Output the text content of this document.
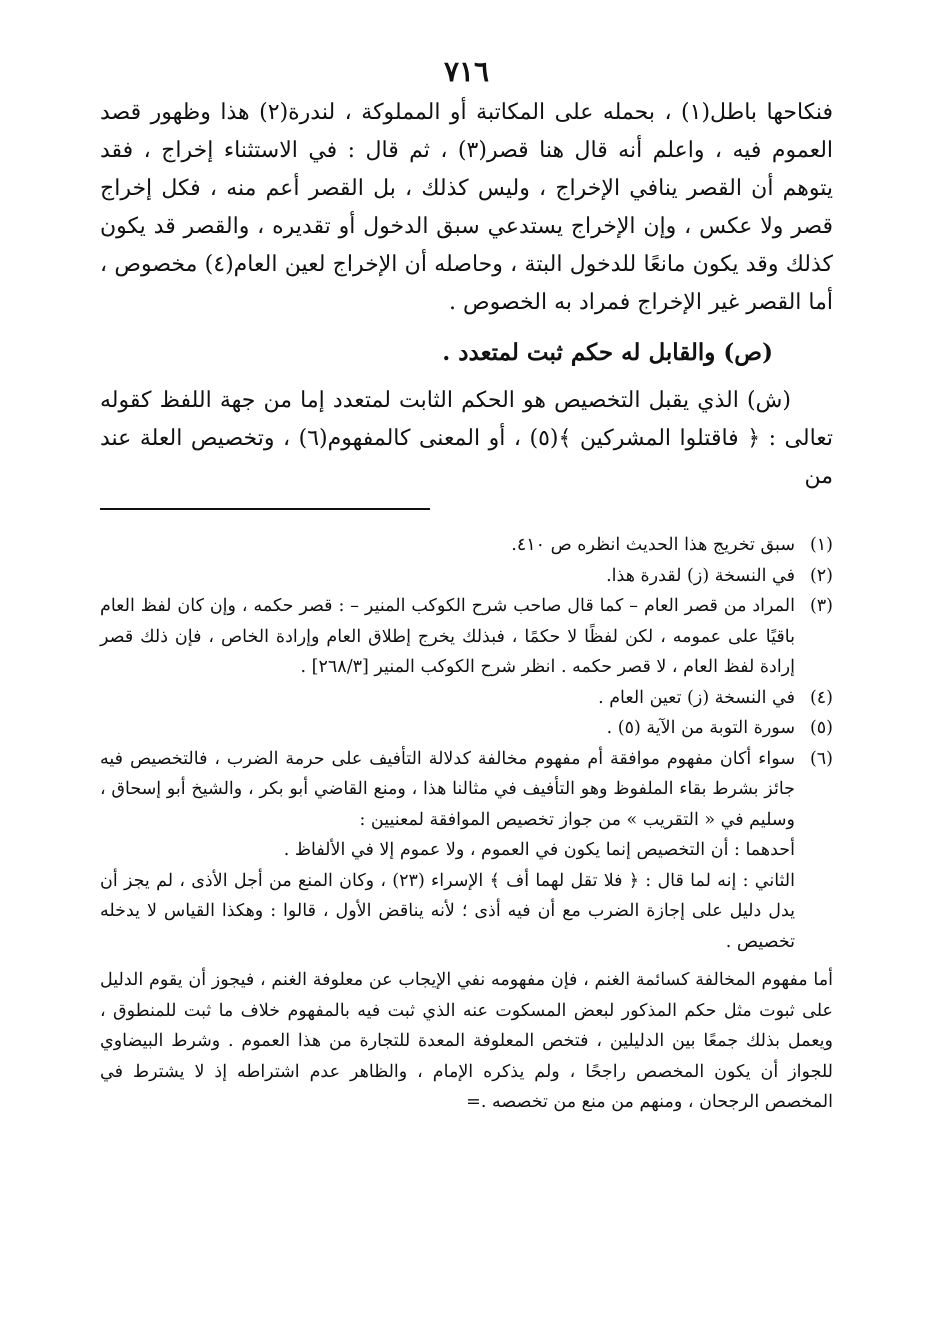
٧١٦

فنكاحها باطل(١) ، بحمله على المكاتبة أو المملوكة ، لندرة(٢) هذا وظهور قصد العموم فيه ، واعلم أنه قال هنا قصر(٣) ، ثم قال : في الاستثناء إخراج ، فقد يتوهم أن القصر ينافي الإخراج ، وليس كذلك ، بل القصر أعم منه ، فكل إخراج قصر ولا عكس ، وإن الإخراج يستدعي سبق الدخول أو تقديره ، والقصر قد يكون كذلك وقد يكون مانعًا للدخول البتة ، وحاصله أن الإخراج لعين العام(٤) مخصوص ، أما القصر غير الإخراج فمراد به الخصوص .

(ص) والقابل له حكم ثبت لمتعدد .

(ش) الذي يقبل التخصيص هو الحكم الثابت لمتعدد إما من جهة اللفظ كقوله تعالى : ﴿ فاقتلوا المشركين ﴾(٥) ، أو المعنى كالمفهوم(٦) ، وتخصيص العلة عند من

(١)

سبق تخريج هذا الحديث انظره ص ٤١٠.

(٢)

في النسخة (ز) لقدرة هذا.

(٣)

المراد من قصر العام – كما قال صاحب شرح الكوكب المنير – : قصر حكمه ، وإن كان لفظ العام باقيًا على عمومه ، لكن لفظًا لا حكمًا ، فبذلك يخرج إطلاق العام وإرادة الخاص ، فإن ذلك قصر إرادة لفظ العام ، لا قصر حكمه . انظر شرح الكوكب المنير [٢٦٨/٣] .

(٤)

في النسخة (ز) تعين العام .

(٥)

سورة التوبة من الآية (٥) .

(٦)

سواء أكان مفهوم موافقة أم مفهوم مخالفة كدلالة التأفيف على حرمة الضرب ، فالتخصيص فيه جائز بشرط بقاء الملفوظ وهو التأفيف في مثالنا هذا ، ومنع القاضي أبو بكر ، والشيخ أبو إسحاق ، وسليم في « التقريب » من جواز تخصيص الموافقة لمعنيين :

أحدهما : أن التخصيص إنما يكون في العموم ، ولا عموم إلا في الألفاظ .

الثاني : إنه لما قال : ﴿ فلا تقل لهما أف ﴾ الإسراء (٢٣) ، وكان المنع من أجل الأذى ، لم يجز أن يدل دليل على إجازة الضرب مع أن فيه أذى ؛ لأنه يناقض الأول ، قالوا : وهكذا القياس لا يدخله تخصيص .

أما مفهوم المخالفة كسائمة الغنم ، فإن مفهومه نفي الإيجاب عن معلوفة الغنم ، فيجوز أن يقوم الدليل على ثبوت مثل حكم المذكور لبعض المسكوت عنه الذي ثبت فيه بالمفهوم خلاف ما ثبت للمنطوق ، ويعمل بذلك جمعًا بين الدليلين ، فتخص المعلوفة المعدة للتجارة من هذا العموم . وشرط البيضاوي للجواز أن يكون المخصص راجحًا ، ولم يذكره الإمام ، والظاهر عدم اشتراطه إذ لا يشترط في المخصص الرجحان ، ومنهم من منع من تخصصه .=
